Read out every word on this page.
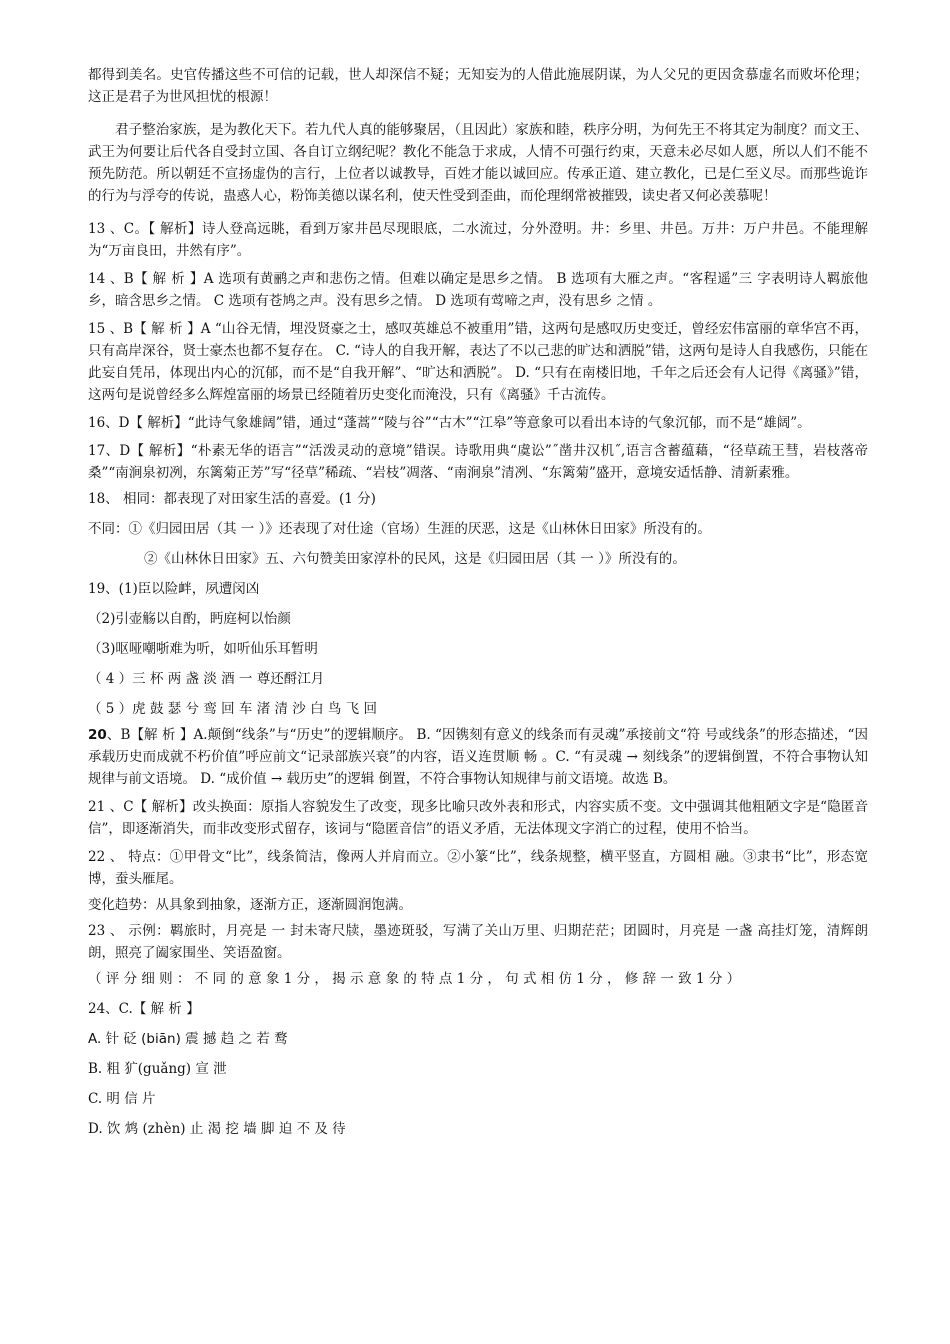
都得到美名。史官传播这些不可信的记载，世人却深信不疑；无知妄为的人借此施展阴谋，为人父兄的更因贪慕虚名而败坏伦理；这正是君子为世风担忧的根源！

君子整治家族，是为教化天下。若九代人真的能够聚居，（且因此）家族和睦，秩序分明，为何先王不将其定为制度？而文王、武王为何要让后代各自受封立国、各自订立纲纪呢？教化不能急于求成，人情不可强行约束，天意未必尽如人愿，所以人们不能不预先防范。所以朝廷不宣扬虚伪的言行，上位者以诚教导，百姓才能以诚回应。传承正道、建立教化，已是仁至义尽。而那些诡诈的行为与浮夸的传说，蛊惑人心，粉饰美德以谋名利，使天性受到歪曲，而伦理纲常被摧毁，读史者又何必羡慕呢！

13 、C。【 解析】诗人登高远眺，看到万家井邑尽现眼底，二水流过，分外澄明。井：乡里、井邑。万井：万户井邑。不能理解为“万亩良田，井然有序”。

14 、B【 解 析 】A 选项有黄鹂之声和悲伤之情。但难以确定是思乡之情。 B 选项有大雁之声。“客程遥”三 字表明诗人羁旅他乡，暗含思乡之情。 C 选项有苍鸠之声。没有思乡之情。 D 选项有莺啼之声，没有思乡 之情 。

15 、B【 解 析 】A “山谷无情，埋没贤豪之士，感叹英雄总不被重用”错，这两句是感叹历史变迁，曾经宏伟富丽的章华宫不再，只有高岸深谷，贤士豪杰也都不复存在。 C. “诗人的自我开解，表达了不以己悲的旷达和洒脱”错，这两句是诗人自我感伤，只能在此妄自凭吊，体现出内心的沉郁，而不是“自我开解”、“旷达和洒脱”。 D. “只有在南楼旧地，千年之后还会有人记得《离骚》”错，这两句是说曾经多么辉煌富丽的场景已经随着历史变化而淹没，只有《离骚》千古流传。

16、D【 解析】“此诗气象雄阔”错，通过“蓬蒿”“陵与谷”“古木”“江皋”等意象可以看出本诗的气象沉郁，而不是“雄阔”。

17、D【 解析】“朴素无华的语言”“活泼灵动的意境”错误。诗歌用典“虞讼”˝凿井汉机˝,语言含蓄蕴藉，“径草疏王彗，岩枝落帝桑”“南涧泉初冽，东篱菊正芳”写“径草”稀疏、“岩枝”凋落、“南涧泉”清冽、“东篱菊”盛开，意境安适恬静、清新素雅。

18、 相同：都表现了对田家生活的喜爱。(1 分)

不同：①《归园田居（其 一 ）》还表现了对仕途（官场）生涯的厌恶，这是《山林休日田家》所没有的。

②《山林休日田家》五、六句赞美田家淳朴的民风，这是《归园田居（其 一 ）》所没有的。

19、(1)臣以险衅，夙遭闵凶

（2)引壶觞以自酌，眄庭柯以怡颜

（3)呕哑嘲哳难为听，如听仙乐耳暂明

（ 4 ）三 杯 两 盏 淡 酒 一 尊还酹江月

（ 5 ）虎 鼓 瑟 兮 鸾 回 车 渚 清 沙 白 鸟 飞 回

20、B【解 析 】A.颠倒“线条”与“历史”的逻辑顺序。 B. “因镌刻有意义的线条而有灵魂”承接前文“符 号或线条”的形态描述，“因承载历史而成就不朽价值”呼应前文“记录部族兴衰”的内容，语义连贯顺 畅 。C. “有灵魂 → 刻线条”的逻辑倒置，不符合事物认知规律与前文语境。 D. “成价值 → 载历史”的逻辑 倒置，不符合事物认知规律与前文语境。故选 B。

21 、C【 解析】改头换面：原指人容貌发生了改变，现多比喻只改外表和形式，内容实质不变。文中强调其他粗陋文字是“隐匿音信”，即逐渐消失，而非改变形式留存，该词与“隐匿音信”的语义矛盾，无法体现文字消亡的过程，使用不恰当。

22 、 特点：①甲骨文“比”，线条简洁，像两人并肩而立。②小篆“比”，线条规整，横平竖直，方圆相 融。③隶书“比”，形态宽博，蚕头雁尾。

变化趋势：从具象到抽象，逐渐方正，逐渐圆润饱满。

23 、 示例：羁旅时，月亮是 一 封未寄尺牍，墨迹斑驳，写满了关山万里、归期茫茫；团圆时，月亮是 一盏 高挂灯笼，清辉朗朗，照亮了阖家围坐、笑语盈窗。

（ 评 分 细 则 ： 不 同 的 意 象 1 分 ， 揭 示 意 象 的 特 点 1 分 ， 句 式 相 仿 1 分 ， 修 辞 一 致 1 分 ）

24、C.【 解 析 】

A. 针 砭 (biān) 震 撼 趋 之 若 鹜

B. 粗 犷(guǎng) 宣 泄

C. 明 信 片

D. 饮 鸩 (zhèn) 止 渴 挖 墙 脚 迫 不 及 待
